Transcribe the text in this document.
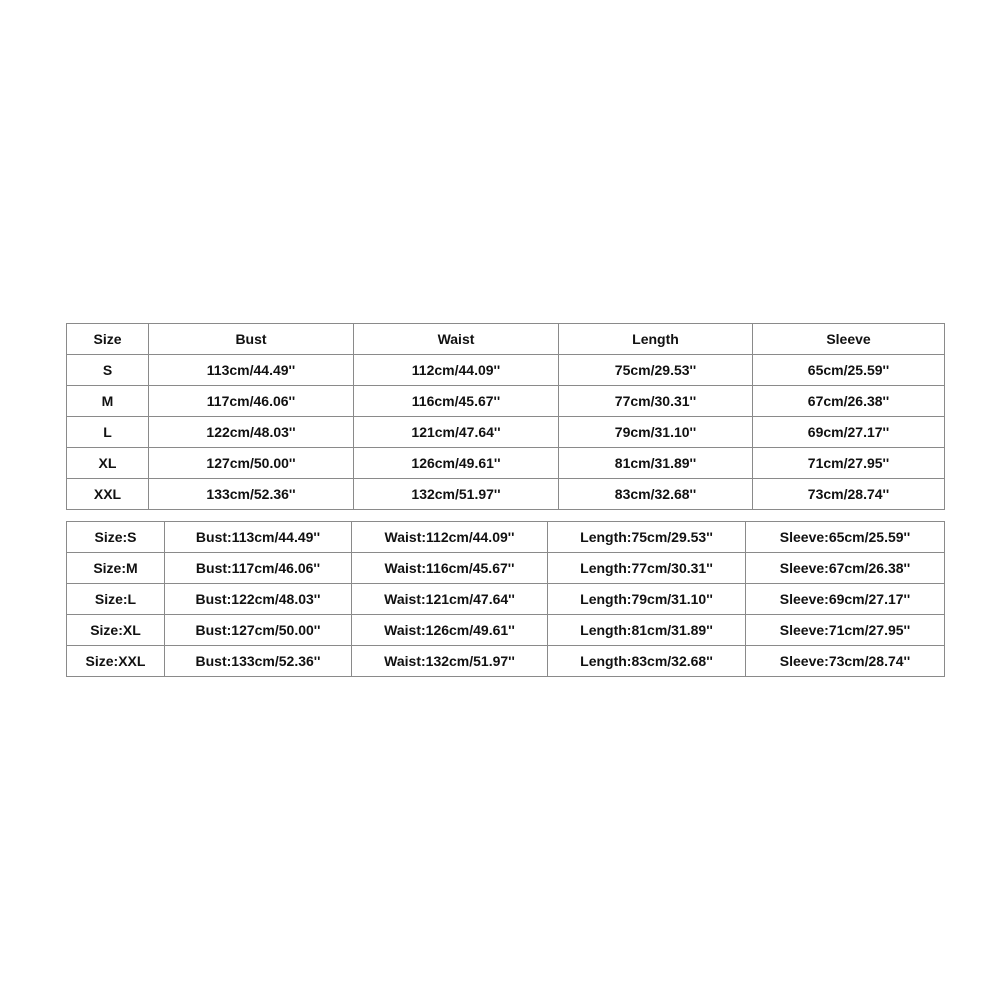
Size	Bust	Waist	Length	Sleeve
S	113cm/44.49''	112cm/44.09''	75cm/29.53''	65cm/25.59''
M	117cm/46.06''	116cm/45.67''	77cm/30.31''	67cm/26.38''
L	122cm/48.03''	121cm/47.64''	79cm/31.10''	69cm/27.17''
XL	127cm/50.00''	126cm/49.61''	81cm/31.89''	71cm/27.95''
XXL	133cm/52.36''	132cm/51.97''	83cm/32.68''	73cm/28.74''
Size:S	Bust:113cm/44.49''	Waist:112cm/44.09''	Length:75cm/29.53''	Sleeve:65cm/25.59''
Size:M	Bust:117cm/46.06''	Waist:116cm/45.67''	Length:77cm/30.31''	Sleeve:67cm/26.38''
Size:L	Bust:122cm/48.03''	Waist:121cm/47.64''	Length:79cm/31.10''	Sleeve:69cm/27.17''
Size:XL	Bust:127cm/50.00''	Waist:126cm/49.61''	Length:81cm/31.89''	Sleeve:71cm/27.95''
Size:XXL	Bust:133cm/52.36''	Waist:132cm/51.97''	Length:83cm/32.68''	Sleeve:73cm/28.74''
